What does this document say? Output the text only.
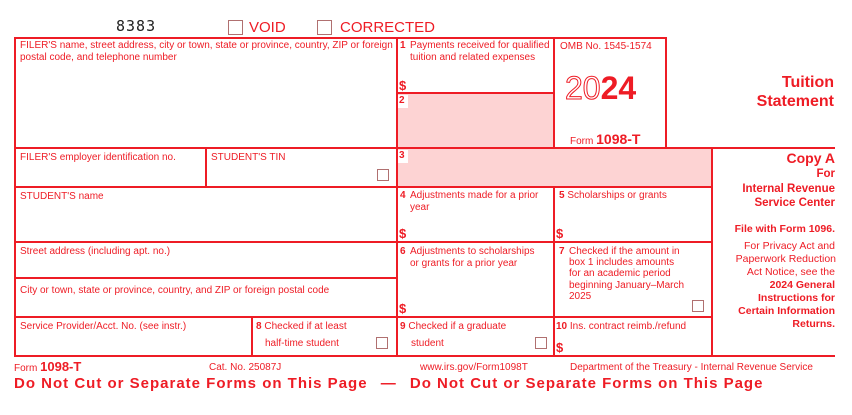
8383	VOID	CORRECTED
FILER'S name, street address, city or town, state or province, country, ZIP or foreign postal code, and telephone number
FILER'S employer identification no.	STUDENT'S TIN
STUDENT'S name
Street address (including apt. no.)
City or town, state or province, country, and ZIP or foreign postal code
Service Provider/Acct. No. (see instr.)	8 Checked if at least
half-time student
1 Payments received for qualified tuition and related expenses
$
2
OMB No. 1545-1574
2024
Form 1098-T
Tuition
Statement
3
4 Adjustments made for a prior year
$
5 Scholarships or grants
$
6 Adjustments to scholarships or grants for a prior year
$
7 Checked if the amount in box 1 includes amounts for an academic period beginning January–March 2025
9 Checked if a graduate
student
10 Ins. contract reimb./refund
$
Copy A
For
Internal Revenue
Service Center
File with Form 1096.
For Privacy Act and
Paperwork Reduction
Act Notice, see the
2024 General
Instructions for
Certain Information
Returns.
Form 1098-T	Cat. No. 25087J	www.irs.gov/Form1098T	Department of the Treasury - Internal Revenue Service
Do Not Cut or Separate Forms on This Page — Do Not Cut or Separate Forms on This Page
